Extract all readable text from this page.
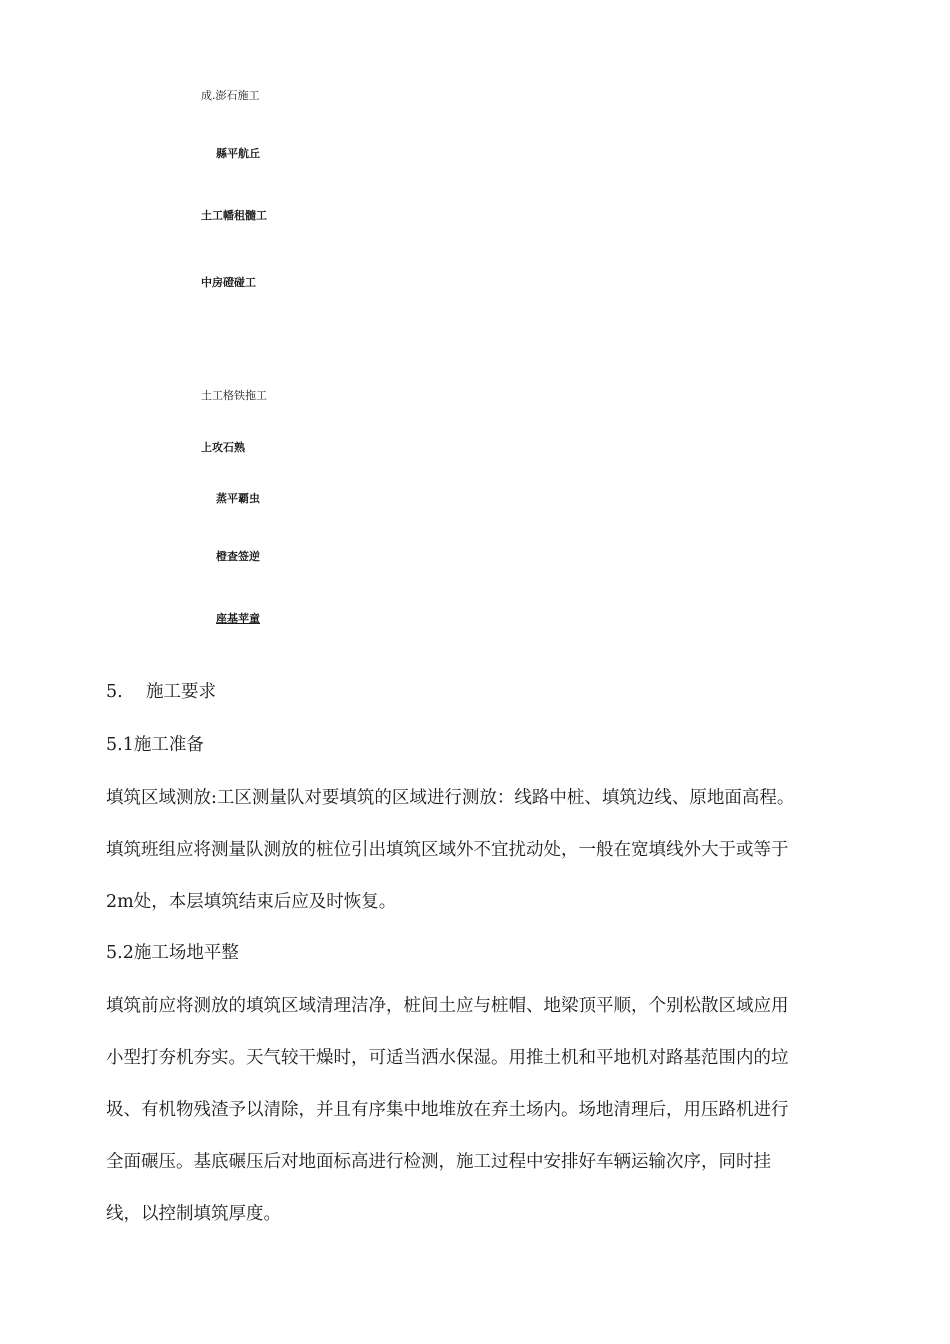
成.澎石施工
縣平航丘
土工幡租髓工
中房磴碰工
土工格铁拖工
上攻石熟
蒸平覇虫
橙查签逆
座基苹童
5. 施工要求
5.1施工准备
填筑区域测放:工区测量队对要填筑的区域进行测放：线路中桩、填筑边线、原地面高程。
填筑班组应将测量队测放的桩位引出填筑区域外不宜扰动处，一般在宽填线外大于或等于
2m处，本层填筑结束后应及时恢复。
5.2施工场地平整
填筑前应将测放的填筑区域清理洁净，桩间土应与桩帽、地梁顶平顺，个别松散区域应用
小型打夯机夯实。天气较干燥时，可适当洒水保湿。用推土机和平地机对路基范围内的垃
圾、有机物残渣予以清除，并且有序集中地堆放在弃土场内。场地清理后，用压路机进行
全面碾压。基底碾压后对地面标高进行检测，施工过程中安排好车辆运输次序，同时挂
线，以控制填筑厚度。
